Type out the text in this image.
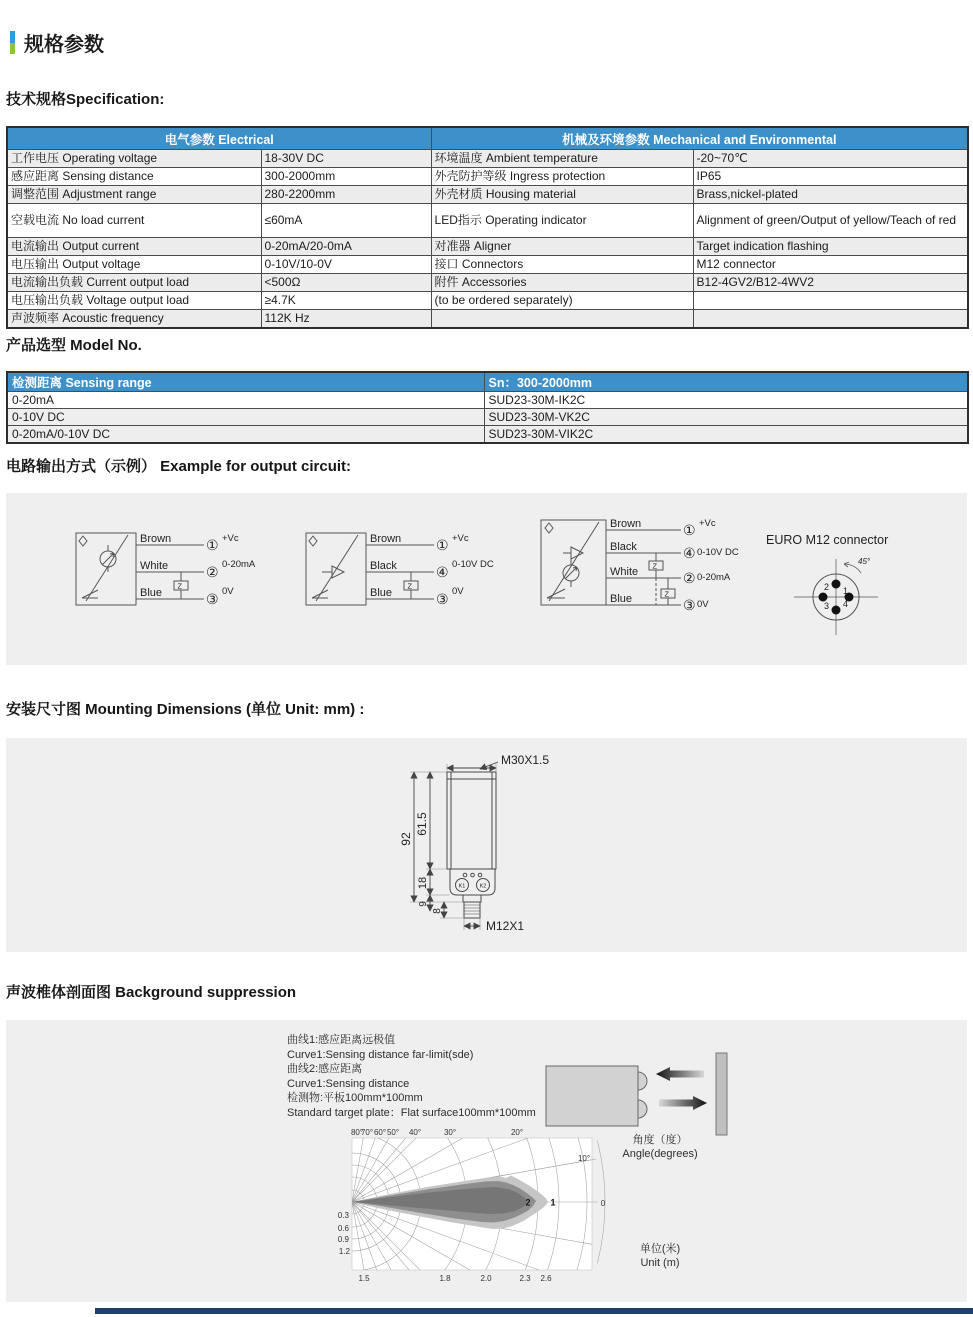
规格参数
技术规格Specification:
电气参数 Electrical		机械及环境参数 Mechanical and Environmental	
工作电压 Operating voltage	18-30V DC	环境温度 Ambient temperature	-20~70℃
感应距离 Sensing distance	300-2000mm	外壳防护等级 Ingress protection	IP65
调整范围 Adjustment range	280-2200mm	外壳材质 Housing material	Brass,nickel-plated
空载电流 No load current	≤60mA	LED指示 Operating indicator	Alignment of green/Output of yellow/Teach of red
电流输出 Output current	0-20mA/20-0mA	对准器 Aligner	Target indication flashing
电压输出 Output voltage	0-10V/10-0V	接口 Connectors	M12 connector
电流输出负载 Current output load	<500Ω	附件 Accessories	B12-4GV2/B12-4WV2
电压输出负载 Voltage output load	≥4.7K	(to be ordered separately)	
声波频率 Acoustic frequency	112K Hz		
产品选型 Model No.
检测距离 Sensing range	Sn：300-2000mm
0-20mA	SUD23-30M-IK2C
0-10V DC	SUD23-30M-VK2C
0-20mA/0-10V DC	SUD23-30M-VIK2C
电路输出方式（示例） Example for output circuit:
Brown
White
Blue
①
②
③
+Vc
0-20mA
0V
Z
Brown
Black
Blue
①
④
③
+Vc
0-10V DC
0V
Z
Brown
Black
White
Blue
①
④
②
③
+Vc
0-10V DC
0-20mA
0V
Z
Z
EURO M12 connector
2 1
3 4
45°
安装尺寸图 Mounting Dimensions (单位 Unit: mm) :
M30X1.5
61.5
92
18
9
8
M12X1
K1	K2
声波椎体剖面图 Background suppression
曲线1:感应距离远极值
Curve1:Sensing distance far-limit(sde)
曲线2:感应距离
Curve1:Sensing distance
检测物:平板100mm*100mm
Standard target plate：Flat surface100mm*100mm
角度（度）
Angle(degrees)
80°
70° 60° 50° 40°	30°	20°
10°
0
0.3
0.6
0.9
1.2
1.5	1.8	2.0	2.3 2.6
2 1
单位(米)
Unit (m)
